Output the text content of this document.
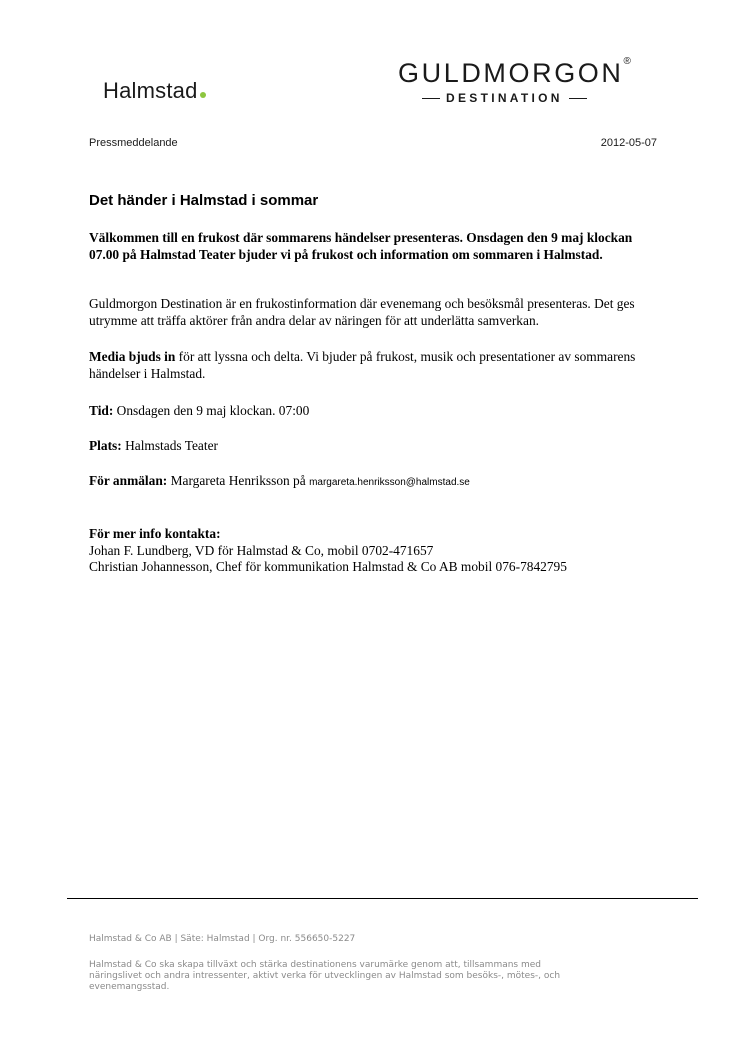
Halmstad
GULDMORGON®
DESTINATION
Pressmeddelande	2012-05-07
Det händer i Halmstad i sommar
Välkommen till en frukost där sommarens händelser presenteras. Onsdagen den 9 maj klockan 07.00 på Halmstad Teater bjuder vi på frukost och information om sommaren i Halmstad.
Guldmorgon Destination är en frukostinformation där evenemang och besöksmål presenteras. Det ges utrymme att träffa aktörer från andra delar av näringen för att underlätta samverkan.
Media bjuds in för att lyssna och delta. Vi bjuder på frukost, musik och presentationer av sommarens händelser i Halmstad.
Tid: Onsdagen den 9 maj klockan. 07:00
Plats: Halmstads Teater
För anmälan: Margareta Henriksson på margareta.henriksson@halmstad.se
För mer info kontakta:
Johan F. Lundberg, VD för Halmstad & Co, mobil 0702-471657
Christian Johannesson, Chef för kommunikation Halmstad & Co AB mobil 076-7842795
Halmstad & Co AB | Säte: Halmstad | Org. nr. 556650-5227
Halmstad & Co ska skapa tillväxt och stärka destinationens varumärke genom att, tillsammans med
näringslivet och andra intressenter, aktivt verka för utvecklingen av Halmstad som besöks-, mötes-, och
evenemangsstad.
